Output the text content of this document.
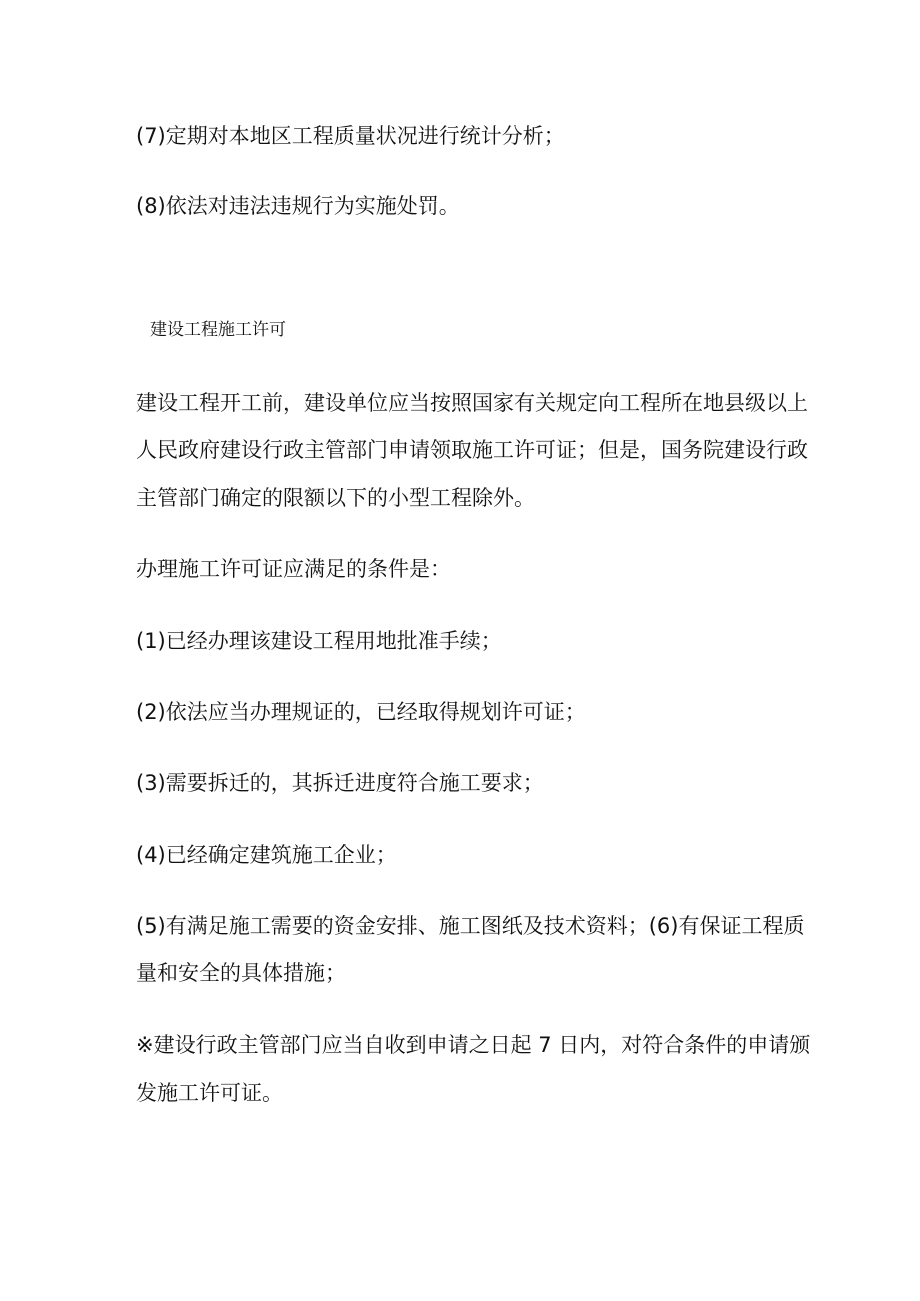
(7)定期对本地区工程质量状况进行统计分析；
(8)依法对违法违规行为实施处罚。
建设工程施工许可
建设工程开工前，建设单位应当按照国家有关规定向工程所在地县级以上
人民政府建设行政主管部门申请领取施工许可证；但是，国务院建设行政
主管部门确定的限额以下的小型工程除外。
办理施工许可证应满足的条件是：
(1)已经办理该建设工程用地批准手续；
(2)依法应当办理规证的，已经取得规划许可证；
(3)需要拆迁的，其拆迁进度符合施工要求；
(4)已经确定建筑施工企业；
(5)有满足施工需要的资金安排、施工图纸及技术资料；(6)有保证工程质
量和安全的具体措施；
※建设行政主管部门应当自收到申请之日起 7 日内，对符合条件的申请颁
发施工许可证。
